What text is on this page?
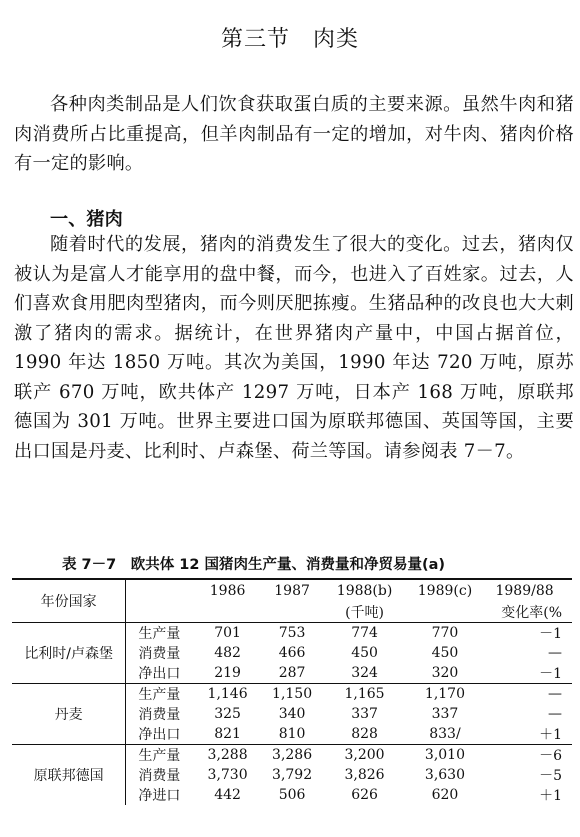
第三节　肉类
各种肉类制品是人们饮食获取蛋白质的主要来源。虽然牛肉和猪肉消费所占比重提高，但羊肉制品有一定的增加，对牛肉、猪肉价格有一定的影响。
一、猪肉
随着时代的发展，猪肉的消费发生了很大的变化。过去，猪肉仅被认为是富人才能享用的盘中餐，而今，也进入了百姓家。过去，人们喜欢食用肥肉型猪肉，而今则厌肥拣瘦。生猪品种的改良也大大刺激了猪肉的需求。据统计，在世界猪肉产量中，中国占据首位，1990 年达 1850 万吨。其次为美国，1990 年达 720 万吨，原苏联产 670 万吨，欧共体产 1297 万吨，日本产 168 万吨，原联邦德国为 301 万吨。世界主要进口国为原联邦德国、英国等国，主要出口国是丹麦、比利时、卢森堡、荷兰等国。请参阅表 7－7。
表 7－7　欧共体 12 国猪肉生产量、消费量和净贸易量(a)
年份国家		1986	1987	1988(b)	1989(c)	1989/88
				(千吨)		变化率(%

比利时/卢森堡	生产量	701	753	774	770	－1
	消费量	482	466	450	450	—
	净出口	219	287	324	320	－1
丹麦	生产量	1,146	1,150	1,165	1,170	—
	消费量	325	340	337	337	—
	净出口	821	810	828	833/	＋1
原联邦德国	生产量	3,288	3,286	3,200	3,010	－6
	消费量	3,730	3,792	3,826	3,630	－5
	净进口	442	506	626	620	＋1
